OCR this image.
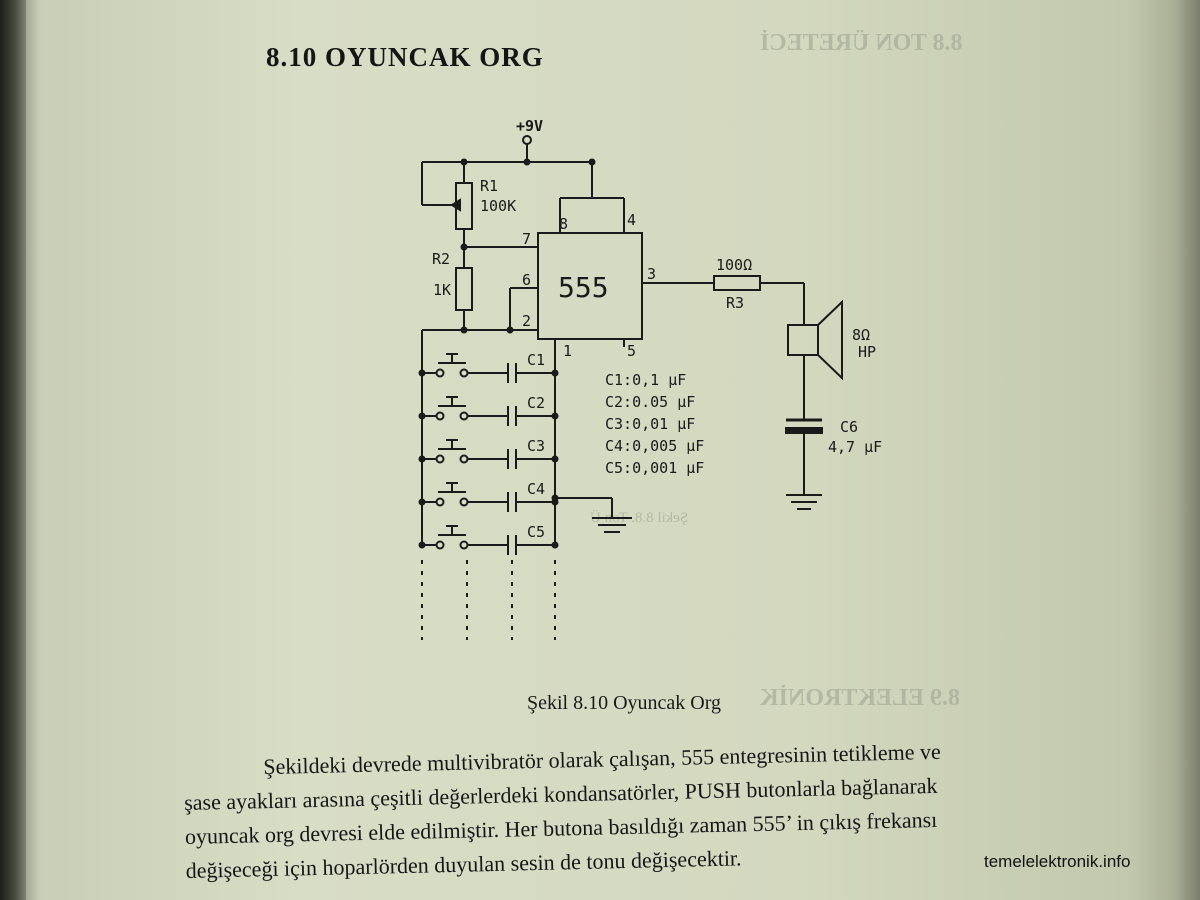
8.8 TON ÜRETECİ
Şekil 8.8. Ton Ü
8.9 ELEKTRONİK
8.10 OYUNCAK ORG
+9V
R1
100K
R2
1K
8	4
7
6
2
3
1	5
555
100Ω
R3
8Ω
HP
C6
4,7 µF
C1
C2
C3
C4
C5
C1:0,1 µF
C2:0.05 µF
C3:0,01 µF
C4:0,005 µF
C5:0,001 µF
Şekil 8.10 Oyuncak Org

Şekildeki devrede multivibratör olarak çalışan, 555 entegresinin tetikleme ve

şase ayakları arasına çeşitli değerlerdeki kondansatörler, PUSH butonlarla bağlanarak

oyuncak org devresi elde edilmiştir. Her butona basıldığı zaman 555’ in çıkış frekansı

değişeceği için hoparlörden duyulan sesin de tonu değişecektir.	temelelektronik.info
